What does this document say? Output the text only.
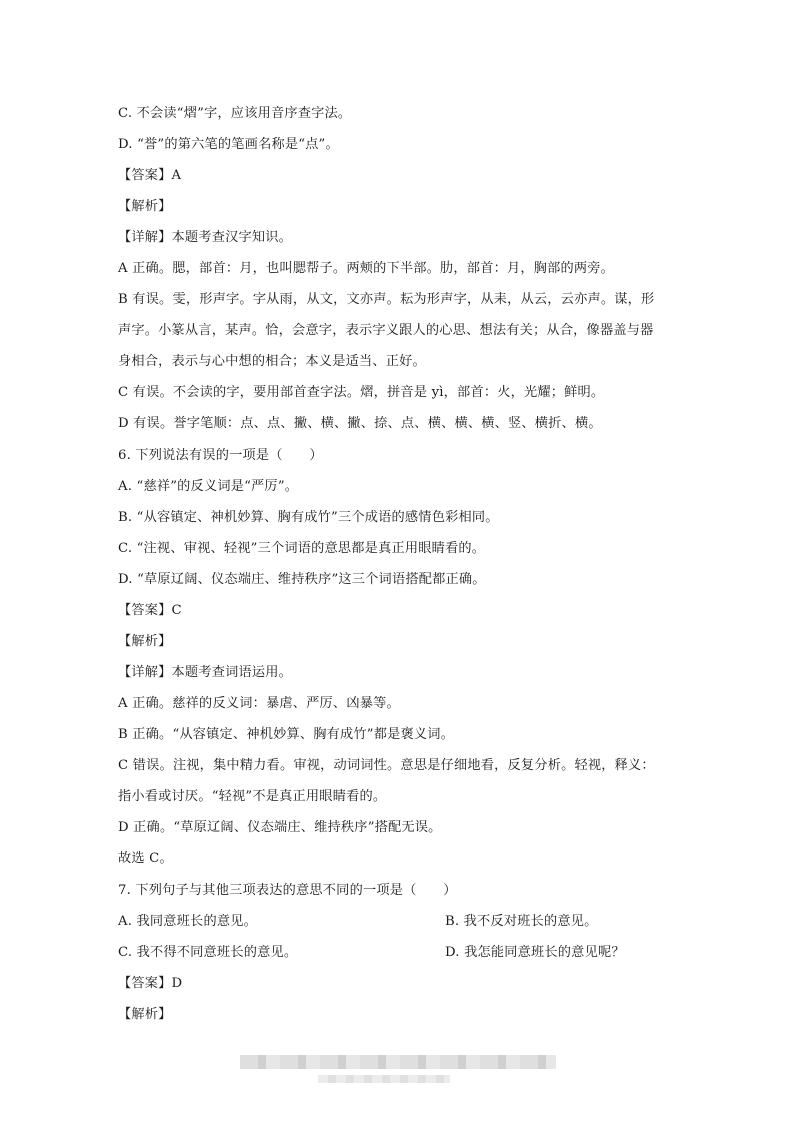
C. 不会读“熠”字，应该用音序查字法。
D. “誉”的第六笔的笔画名称是“点”。
【答案】A
【解析】
【详解】本题考查汉字知识。
A 正确。腮，部首：月，也叫腮帮子。两颊的下半部。肋，部首：月，胸部的两旁。
B 有误。雯，形声字。字从雨，从文，文亦声。耘为形声字，从耒，从云，云亦声。谋，形
声字。小篆从言，某声。恰，会意字，表示字义跟人的心思、想法有关；从合，像器盖与器
身相合，表示与心中想的相合；本义是适当、正好。
C 有误。不会读的字，要用部首查字法。熠，拼音是 yì，部首：火，光耀；鲜明。
D 有误。誉字笔顺：点、点、撇、横、撇、捺、点、横、横、横、竖、横折、横。
6. 下列说法有误的一项是（　　）
A. “慈祥”的反义词是“严厉”。
B. “从容镇定、神机妙算、胸有成竹”三个成语的感情色彩相同。
C. “注视、审视、轻视”三个词语的意思都是真正用眼睛看的。
D. “草原辽阔、仪态端庄、维持秩序”这三个词语搭配都正确。
【答案】C
【解析】
【详解】本题考查词语运用。
A 正确。慈祥的反义词：暴虐、严厉、凶暴等。
B 正确。“从容镇定、神机妙算、胸有成竹”都是褒义词。
C 错误。注视，集中精力看。审视，动词词性。意思是仔细地看，反复分析。轻视，释义：
指小看或讨厌。“轻视”不是真正用眼睛看的。
D 正确。“草原辽阔、仪态端庄、维持秩序”搭配无误。
故选 C。
7. 下列句子与其他三项表达的意思不同的一项是（　　）
A. 我同意班长的意见。	B. 我不反对班长的意见。
C. 我不得不同意班长的意见。	D. 我怎能同意班长的意见呢？
【答案】D
【解析】
